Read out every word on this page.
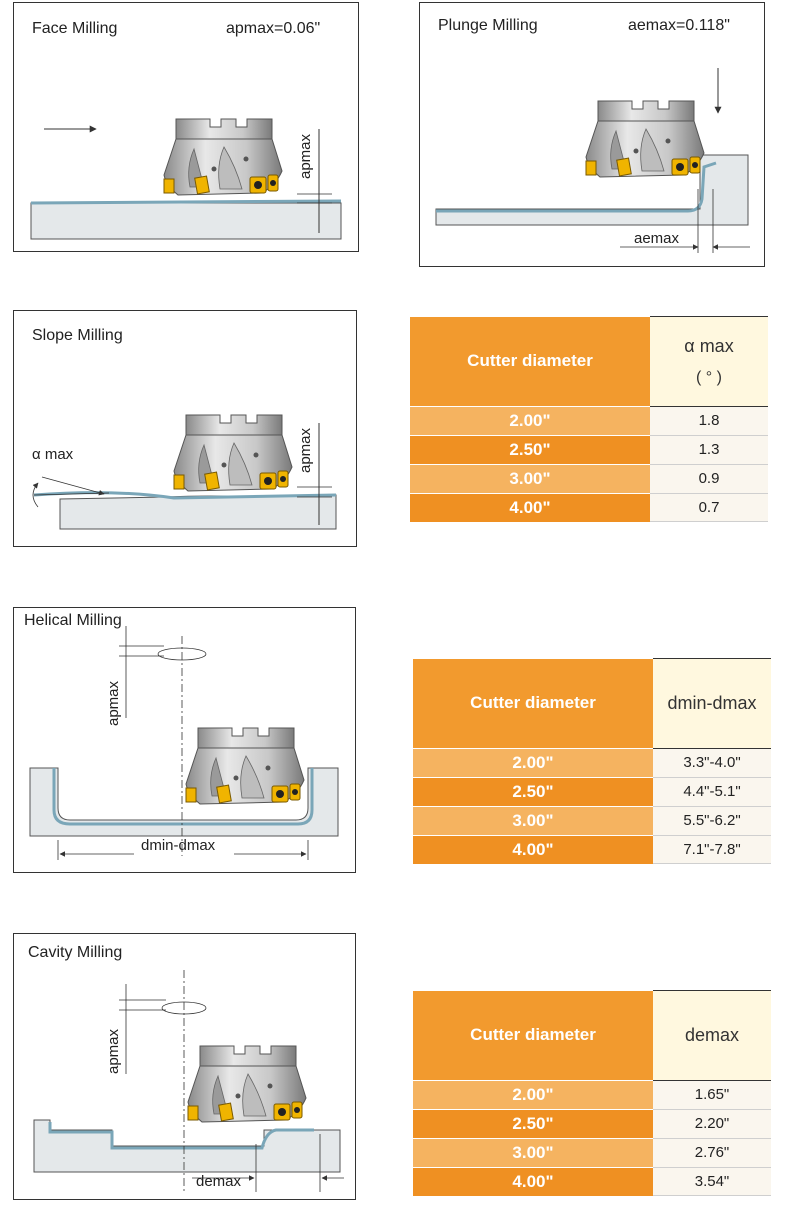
Face Milling	apmax=0.06"
apmax
Plunge Milling	aemax=0.118"
aemax
Slope Milling
α max	apmax
Cutter diameter	α max
( ° )

2.00"	1.8
2.50"	1.3
3.00"	0.9
4.00"	0.7
Helical Milling
apmax
dmin-dmax
Cutter diameter	dmin-dmax
2.00"	3.3"-4.0"
2.50"	4.4"-5.1"
3.00"	5.5"-6.2"
4.00"	7.1"-7.8"
Cavity Milling
apmax
demax
Cutter diameter	demax
2.00"	1.65"
2.50"	2.20"
3.00"	2.76"
4.00"	3.54"
